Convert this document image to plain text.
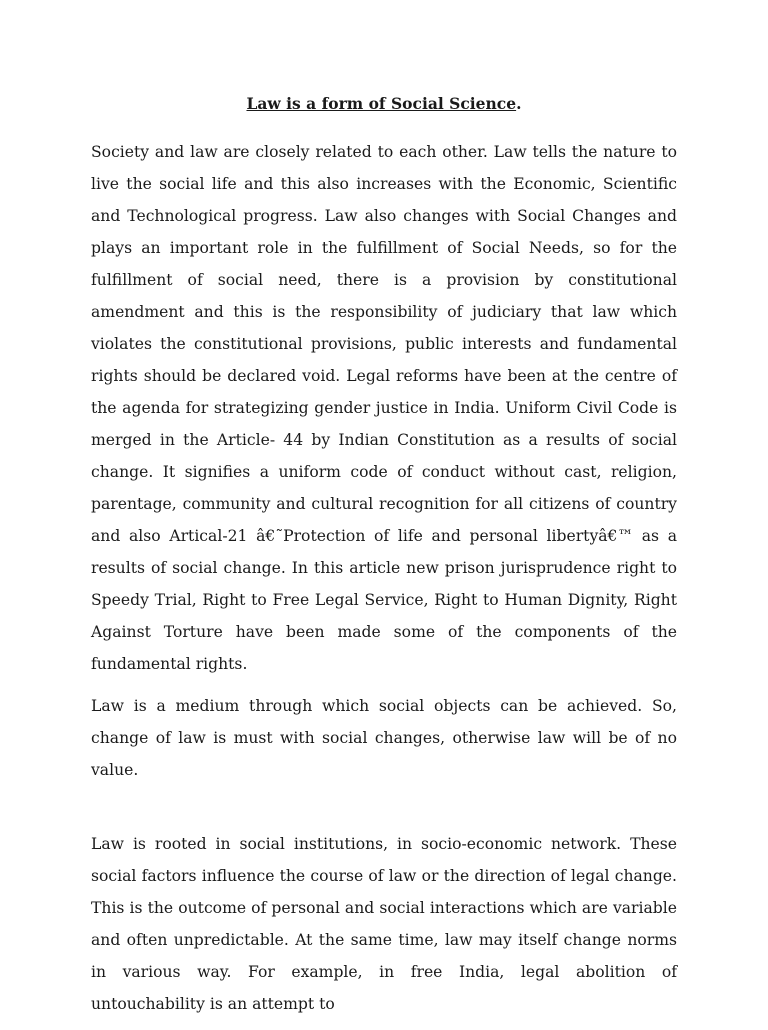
Law is a form of Social Science.

Society and law are closely related to each other. Law tells the nature to live the social life and this also increases with the Economic, Scientific and Technological progress. Law also changes with Social Changes and plays an important role in the fulfillment of Social Needs, so for the fulfillment of social need, there is a provision by constitutional amendment and this is the responsibility of judiciary that law which violates the constitutional provisions, public interests and fundamental rights should be declared void. Legal reforms have been at the centre of the agenda for strategizing gender justice in India. Uniform Civil Code is merged in the Article- 44 by Indian Constitution as a results of social change. It signifies a uniform code of conduct without cast, religion, parentage, community and cultural recognition for all citizens of country and also Artical-21 â€˜Protection of life and personal libertyâ€™ as a results of social change. In this article new prison jurisprudence right to Speedy Trial, Right to Free Legal Service, Right to Human Dignity, Right Against Torture have been made some of the components of the fundamental rights.

Law is a medium through which social objects can be achieved. So, change of law is must with social changes, otherwise law will be of no value.

Law is rooted in social institutions, in socio-economic network. These social factors influence the course of law or the direction of legal change. This is the outcome of personal and social interactions which are variable and often unpredictable. At the same time, law may itself change norms in various way. For example, in free India, legal abolition of untouchability is an attempt to
